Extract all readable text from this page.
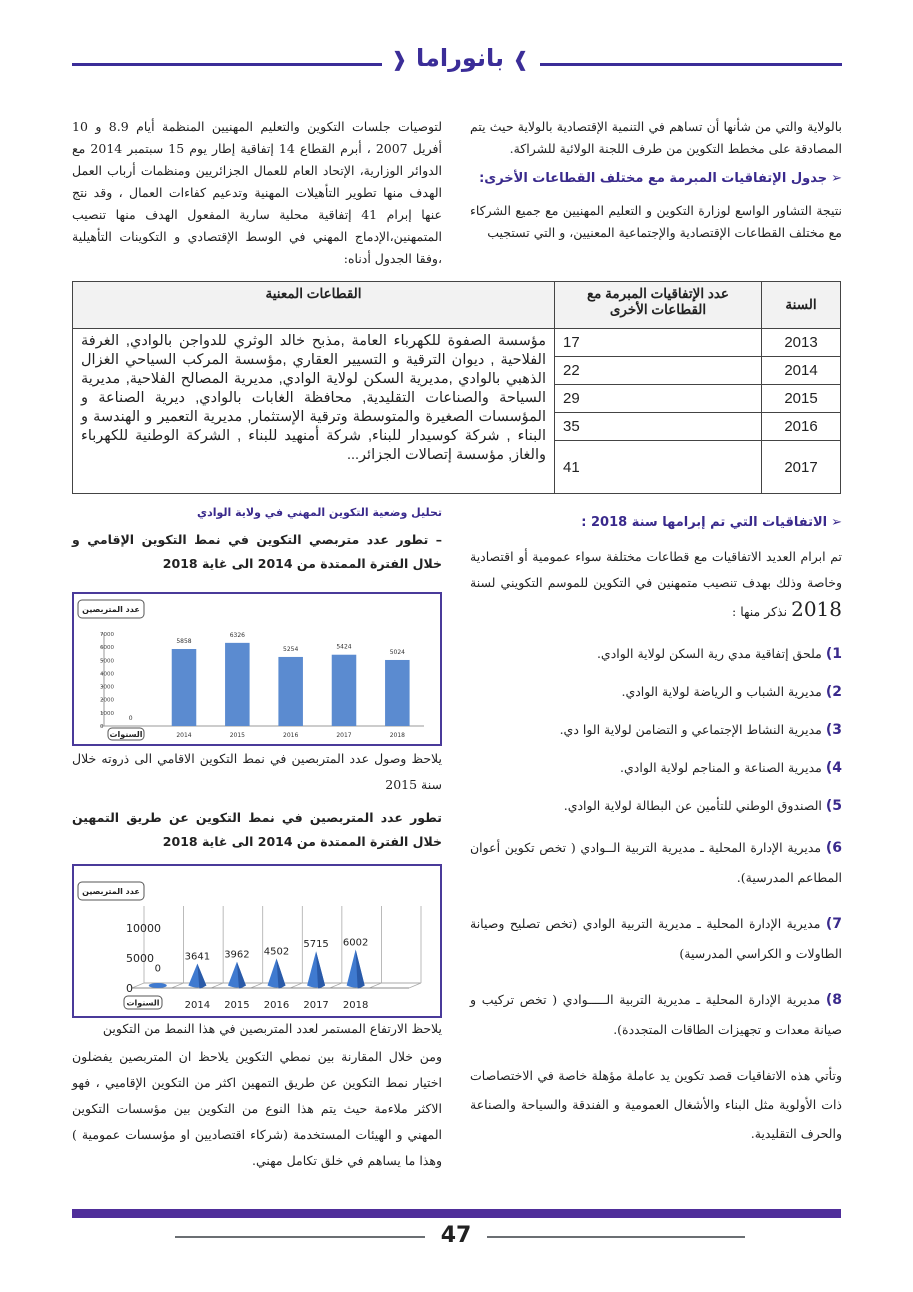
❱ بانوراما ❰

بالولاية والتي من شأنها أن تساهم في التنمية الإقتصادية بالولاية حيث يتم المصادقة على مخطط التكوين من طرف اللجنة الولائية للشراكة.

➢جدول الإتفاقيات المبرمة مع مختلف القطاعات الأخرى:

نتيجة التشاور الواسع لوزارة التكوين و التعليم المهنيين مع جميع الشركاء مع مختلف القطاعات الإقتصادية والإجتماعية المعنيين، و التي تستجيب

لتوصيات جلسات التكوين والتعليم المهنيين المنظمة أيام 8.9 و 10 أفريل 2007 ، أبرم القطاع 14 إتفاقية إطار يوم 15 سبتمبر 2014 مع الدوائر الوزارية، الإتحاد العام للعمال الجزائريين ومنظمات أرباب العمل الهدف منها تطوير التأهيلات المهنية وتدعيم كفاءات العمال ، وقد نتج عنها إبرام 41 إتفاقية محلية سارية المفعول الهدف منها تنصيب المتمهنين،الإدماج المهني في الوسط الإقتصادي و التكوينات التأهيلية ،وفقا الجدول أدناه:

السنة	عدد الإتفاقيات المبرمة مع القطاعات الأخرى	القطاعات المعنية
2013	17	مؤسسة الصفوة للكهرباء العامة ,مذبح خالد الوثري للدواجن بالوادي, الغرفة الفلاحية , ديوان الترقية و التسيير العقاري ,مؤسسة المركب السياحي الغزال الذهبي بالوادي ,مديرية السكن لولاية الوادي, مديرية المصالح الفلاحية, مديرية السياحة والصناعات التقليدية, محافظة الغابات بالوادي, ديرية الصناعة و المؤسسات الصغيرة والمتوسطة وترقية الإستثمار, مديرية التعمير و الهندسة و البناء , شركة كوسيدار للبناء, شركة أمنهيد للبناء , الشركة الوطنية للكهرباء والغاز, مؤسسة إتصالات الجزائر...
2014	22	
2015	29	
2016	35	
2017	41	
➢الاتفاقيات التي تم إبرامها سنة 2018 :

تم ابرام العديد الاتفاقيات مع قطاعات مختلفة سواء عمومية أو اقتصادية وخاصة وذلك بهدف تنصيب متمهنين في التكوين للموسم التكويني لسنة 2018 نذكر منها :

1) ملحق إتفاقية مدي رية السكن لولاية الوادي.
2) مديرية الشباب و الرياضة لولاية الوادي.
3) مديرية النشاط الإجتماعي و التضامن لولاية الوا دي.
4) مديرية الصناعة و المناجم لولاية الوادي.
5) الصندوق الوطني للتأمين عن البطالة لولاية الوادي.
6) مديرية الإدارة المحلية ـ مديرية التربية الــوادي ( تخص تكوين أعوان المطاعم المدرسية).
7) مديرية الإدارة المحلية ـ مديرية التربية الوادي (تخص تصليح وصيانة الطاولات و الكراسي المدرسية)
8) مديرية الإدارة المحلية ـ مديرية التربية الـــــوادي ( تخص تركيب و صيانة معدات و تجهيزات الطاقات المتجددة).

وتأتي هذه الاتفاقيات قصد تكوين يد عاملة مؤهلة خاصة في الاختصاصات ذات الأولوية مثل البناء والأشغال العمومية و الفندقة والسياحة والصناعة والحرف التقليدية.

تحليل وضعية التكوين المهني في ولاية الوادي
– تطور عدد متربصي التكوين في نمط التكوين الإقامي و خلال الفترة الممتدة من 2014 الى غاية 2018
عدد المتربصين
0
1000
2000
3000
4000
5000
6000
7000
0
5858
2014
6326
2015
5254
2016
5424
2017
5024
2018
السنوات

يلاحظ وصول عدد المتربصين في نمط التكوين الاقامي الى ذروته خلال سنة 2015

تطور عدد المتربصين في نمط التكوين عن طريق التمهين خلال الفترة الممتدة من 2014 الى غاية 2018
عدد المتربصين
0
5000
10000
0
3641
2014
3962
2015
4502
2016
5715
2017
6002
2018
السنوات

يلاحظ الارتفاع المستمر لعدد المتربصين في هذا النمط من التكوين

ومن خلال المقارنة بين نمطي التكوين يلاحظ ان المتربصين يفضلون اختيار نمط التكوين عن طريق التمهين اكثر من التكوين الإقاميي ، فهو الاكثر ملاءمة حيث يتم هذا النوع من التكوين بين مؤسسات التكوين المهني و الهيئات المستخدمة (شركاء اقتصاديين او مؤسسات عمومية ) وهذا ما يساهم في خلق تكامل مهني.

47
